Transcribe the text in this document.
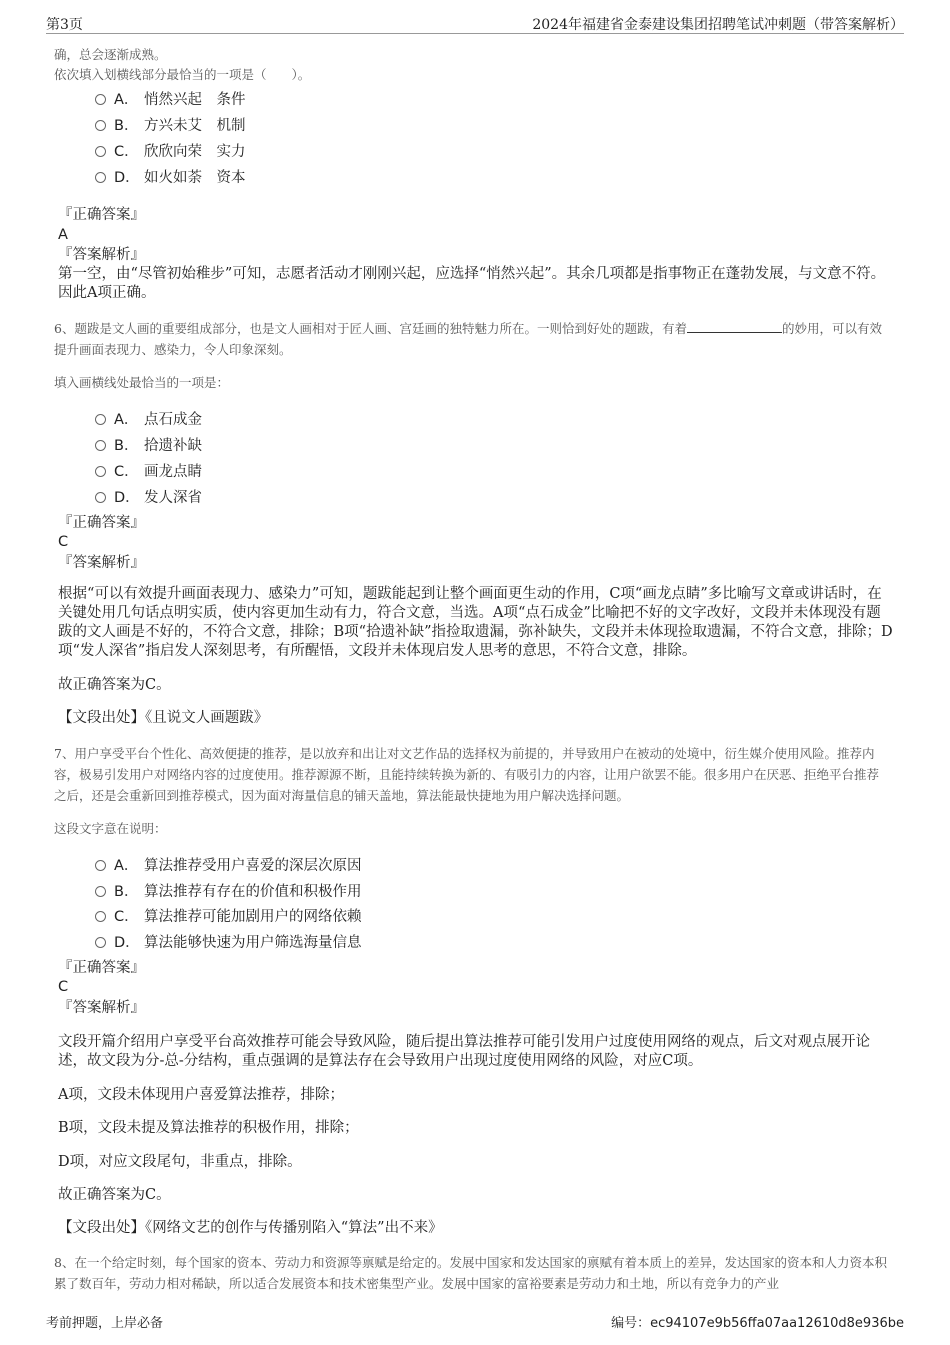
第3页	2024年福建省金泰建设集团招聘笔试冲刺题（带答案解析）
确，总会逐渐成熟。
依次填入划横线部分最恰当的一项是（　　）。
A． 悄然兴起　条件
B． 方兴未艾　机制
C． 欣欣向荣　实力
D． 如火如荼　资本
『正确答案』
A
『答案解析』
第一空，由“尽管初始稚步”可知，志愿者活动才刚刚兴起，应选择“悄然兴起”。其余几项都是指事物正在蓬勃发展，与文意不符。因此A项正确。
6、题跋是文人画的重要组成部分，也是文人画相对于匠人画、宫廷画的独特魅力所在。一则恰到好处的题跋，有着	的妙用，可以有效提升画面表现力、感染力，令人印象深刻。
填入画横线处最恰当的一项是：
A． 点石成金
B． 拾遗补缺
C． 画龙点睛
D． 发人深省
『正确答案』
C
『答案解析』
根据“可以有效提升画面表现力、感染力”可知，题跋能起到让整个画面更生动的作用，C项“画龙点睛”多比喻写文章或讲话时，在关键处用几句话点明实质，使内容更加生动有力，符合文意，当选。A项“点石成金”比喻把不好的文字改好，文段并未体现没有题跋的文人画是不好的，不符合文意，排除；B项“拾遗补缺”指捡取遗漏，弥补缺失，文段并未体现捡取遗漏，不符合文意，排除；D项“发人深省”指启发人深刻思考，有所醒悟，文段并未体现启发人思考的意思，不符合文意，排除。
故正确答案为C。
【文段出处】《且说文人画题跋》
7、用户享受平台个性化、高效便捷的推荐，是以放弃和出让对文艺作品的选择权为前提的，并导致用户在被动的处境中，衍生媒介使用风险。推荐内容，极易引发用户对网络内容的过度使用。推荐源源不断，且能持续转换为新的、有吸引力的内容，让用户欲罢不能。很多用户在厌恶、拒绝平台推荐之后，还是会重新回到推荐模式，因为面对海量信息的铺天盖地，算法能最快捷地为用户解决选择问题。
这段文字意在说明：
A． 算法推荐受用户喜爱的深层次原因
B． 算法推荐有存在的价值和积极作用
C． 算法推荐可能加剧用户的网络依赖
D． 算法能够快速为用户筛选海量信息
『正确答案』
C
『答案解析』
文段开篇介绍用户享受平台高效推荐可能会导致风险，随后提出算法推荐可能引发用户过度使用网络的观点，后文对观点展开论述，故文段为分-总-分结构，重点强调的是算法存在会导致用户出现过度使用网络的风险，对应C项。
A项，文段未体现用户喜爱算法推荐，排除；
B项，文段未提及算法推荐的积极作用，排除；
D项，对应文段尾句，非重点，排除。
故正确答案为C。
【文段出处】《网络文艺的创作与传播别陷入“算法”出不来》
8、在一个给定时刻，每个国家的资本、劳动力和资源等禀赋是给定的。发展中国家和发达国家的禀赋有着本质上的差异，发达国家的资本和人力资本积累了数百年，劳动力相对稀缺，所以适合发展资本和技术密集型产业。发展中国家的富裕要素是劳动力和土地，所以有竞争力的产业
考前押题，上岸必备	编号：ec94107e9b56ffa07aa12610d8e936be
